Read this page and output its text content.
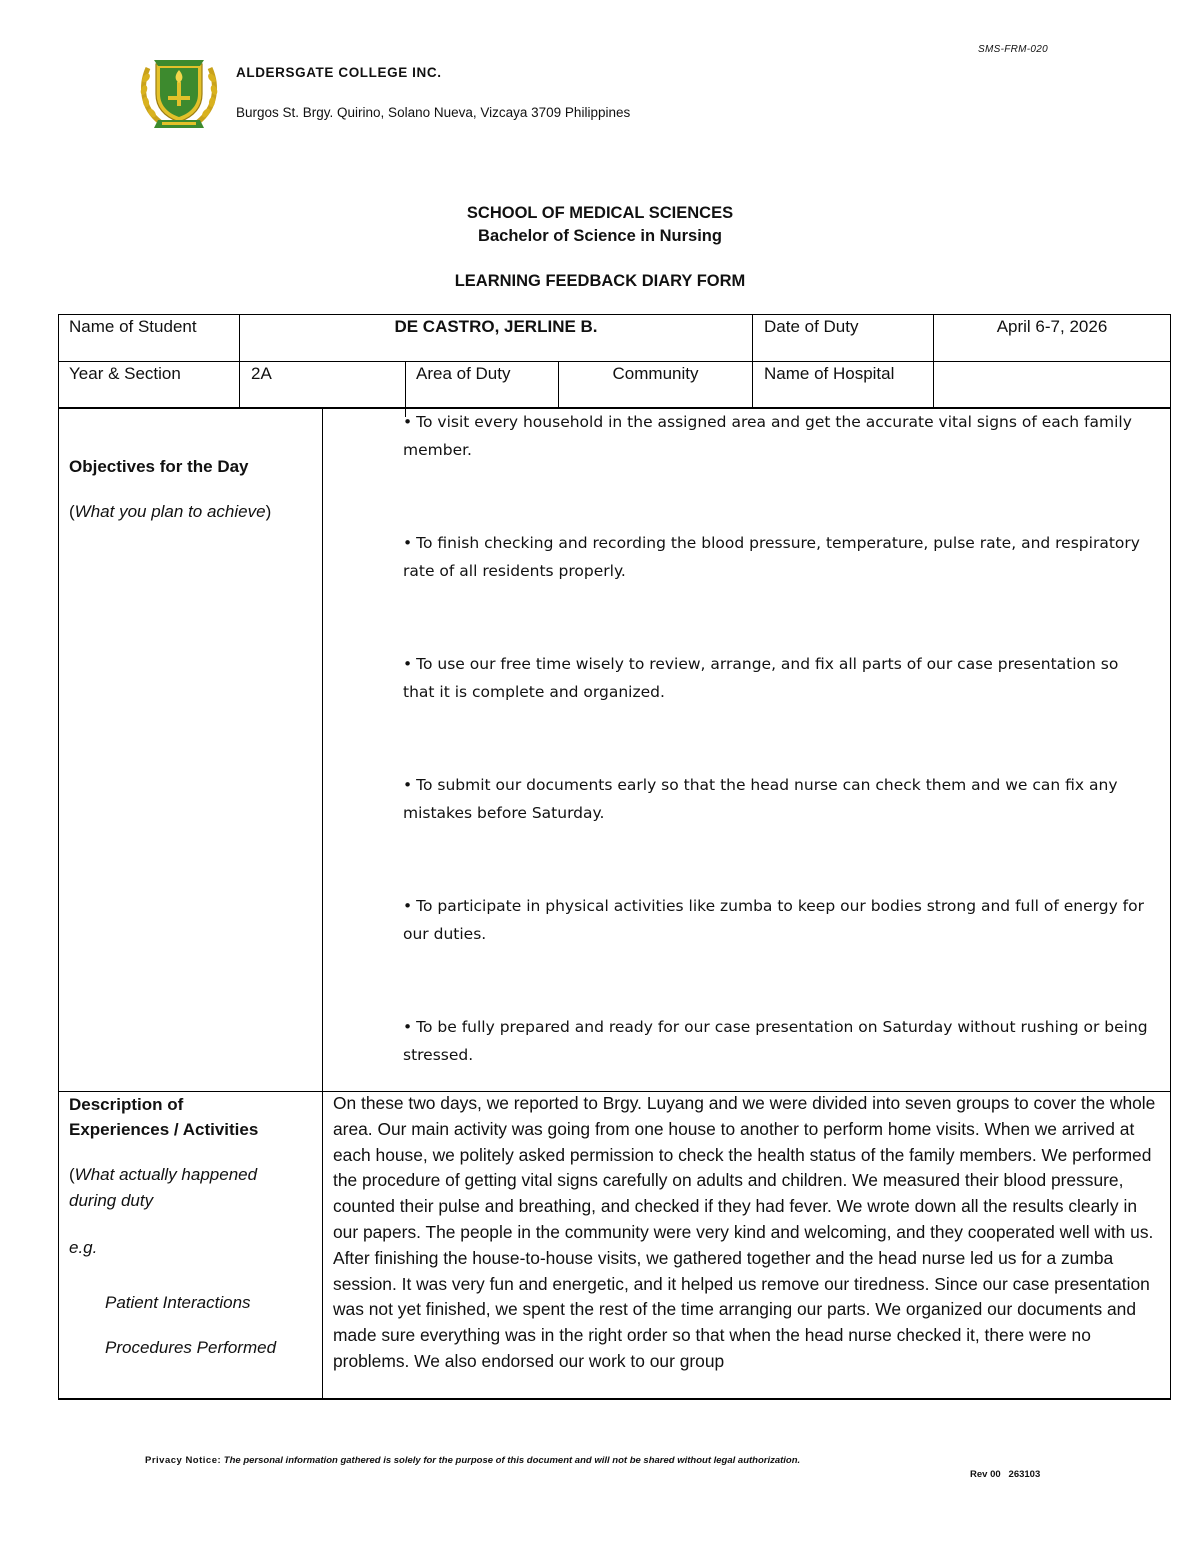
SMS-FRM-020
ALDERSGATE COLLEGE INC.
Burgos St. Brgy. Quirino, Solano Nueva, Vizcaya 3709 Philippines
SCHOOL OF MEDICAL SCIENCES
Bachelor of Science in Nursing
LEARNING FEEDBACK DIARY FORM
Name of Student	DE CASTRO, JERLINE B.	Date of Duty	April 6-7, 2026
Year & Section	2A	Area of Duty	Community	Name of Hospital
Objectives for the Day
(What you plan to achieve)
• To visit every household in the assigned area and get the accurate vital signs of each family member.
• To finish checking and recording the blood pressure, temperature, pulse rate, and respiratory rate of all residents properly.
• To use our free time wisely to review, arrange, and fix all parts of our case presentation so that it is complete and organized.
• To submit our documents early so that the head nurse can check them and we can fix any mistakes before Saturday.
• To participate in physical activities like zumba to keep our bodies strong and full of energy for our duties.
• To be fully prepared and ready for our case presentation on Saturday without rushing or being stressed.
Description of
Experiences / Activities
(What actually happened
during duty
e.g.
Patient Interactions
Procedures Performed
On these two days, we reported to Brgy. Luyang and we were divided into seven groups to cover the whole area. Our main activity was going from one house to another to perform home visits. When we arrived at each house, we politely asked permission to check the health status of the family members. We performed the procedure of getting vital signs carefully on adults and children. We measured their blood pressure, counted their pulse and breathing, and checked if they had fever. We wrote down all the results clearly in our papers. The people in the community were very kind and welcoming, and they cooperated well with us. After finishing the house-to-house visits, we gathered together and the head nurse led us for a zumba session. It was very fun and energetic, and it helped us remove our tiredness. Since our case presentation was not yet finished, we spent the rest of the time arranging our parts. We organized our documents and made sure everything was in the right order so that when the head nurse checked it, there were no problems. We also endorsed our work to our group
Privacy Notice: The personal information gathered is solely for the purpose of this document and will not be shared without legal authorization.
Rev 00   263103
